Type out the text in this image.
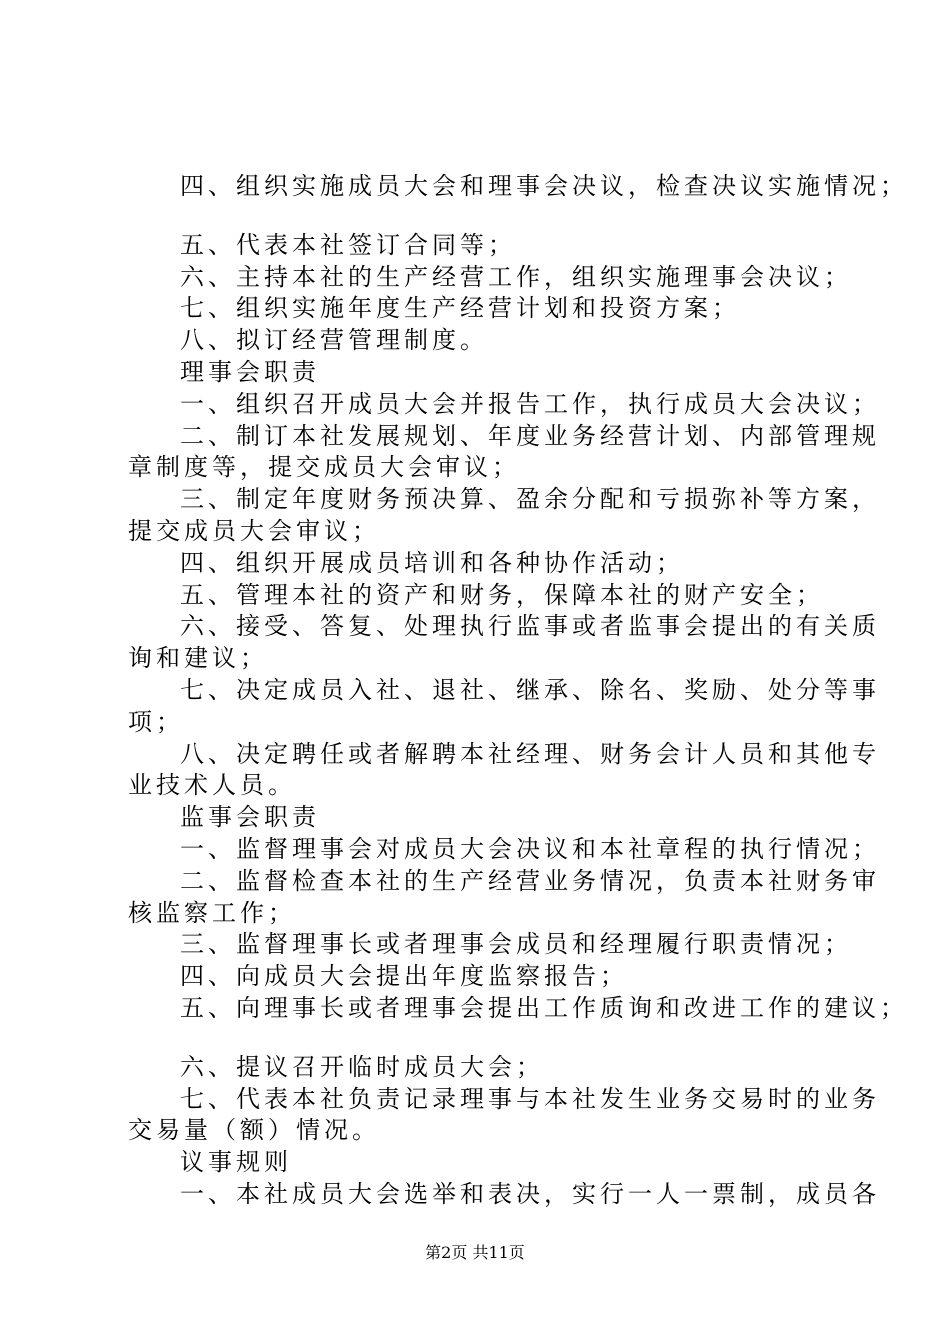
四、组织实施成员大会和理事会决议，检查决议实施情况；
五、代表本社签订合同等；
六、主持本社的生产经营工作，组织实施理事会决议；
七、组织实施年度生产经营计划和投资方案；
八、拟订经营管理制度。
理事会职责
一、组织召开成员大会并报告工作，执行成员大会决议；
二、制订本社发展规划、年度业务经营计划、内部管理规
章制度等，提交成员大会审议；
三、制定年度财务预决算、盈余分配和亏损弥补等方案，
提交成员大会审议；
四、组织开展成员培训和各种协作活动；
五、管理本社的资产和财务，保障本社的财产安全；
六、接受、答复、处理执行监事或者监事会提出的有关质
询和建议；
七、决定成员入社、退社、继承、除名、奖励、处分等事
项；
八、决定聘任或者解聘本社经理、财务会计人员和其他专
业技术人员。
监事会职责
一、监督理事会对成员大会决议和本社章程的执行情况；
二、监督检查本社的生产经营业务情况，负责本社财务审
核监察工作；
三、监督理事长或者理事会成员和经理履行职责情况；
四、向成员大会提出年度监察报告；
五、向理事长或者理事会提出工作质询和改进工作的建议；
六、提议召开临时成员大会；
七、代表本社负责记录理事与本社发生业务交易时的业务
交易量（额）情况。
议事规则
一、本社成员大会选举和表决，实行一人一票制，成员各
第2页 共11页
